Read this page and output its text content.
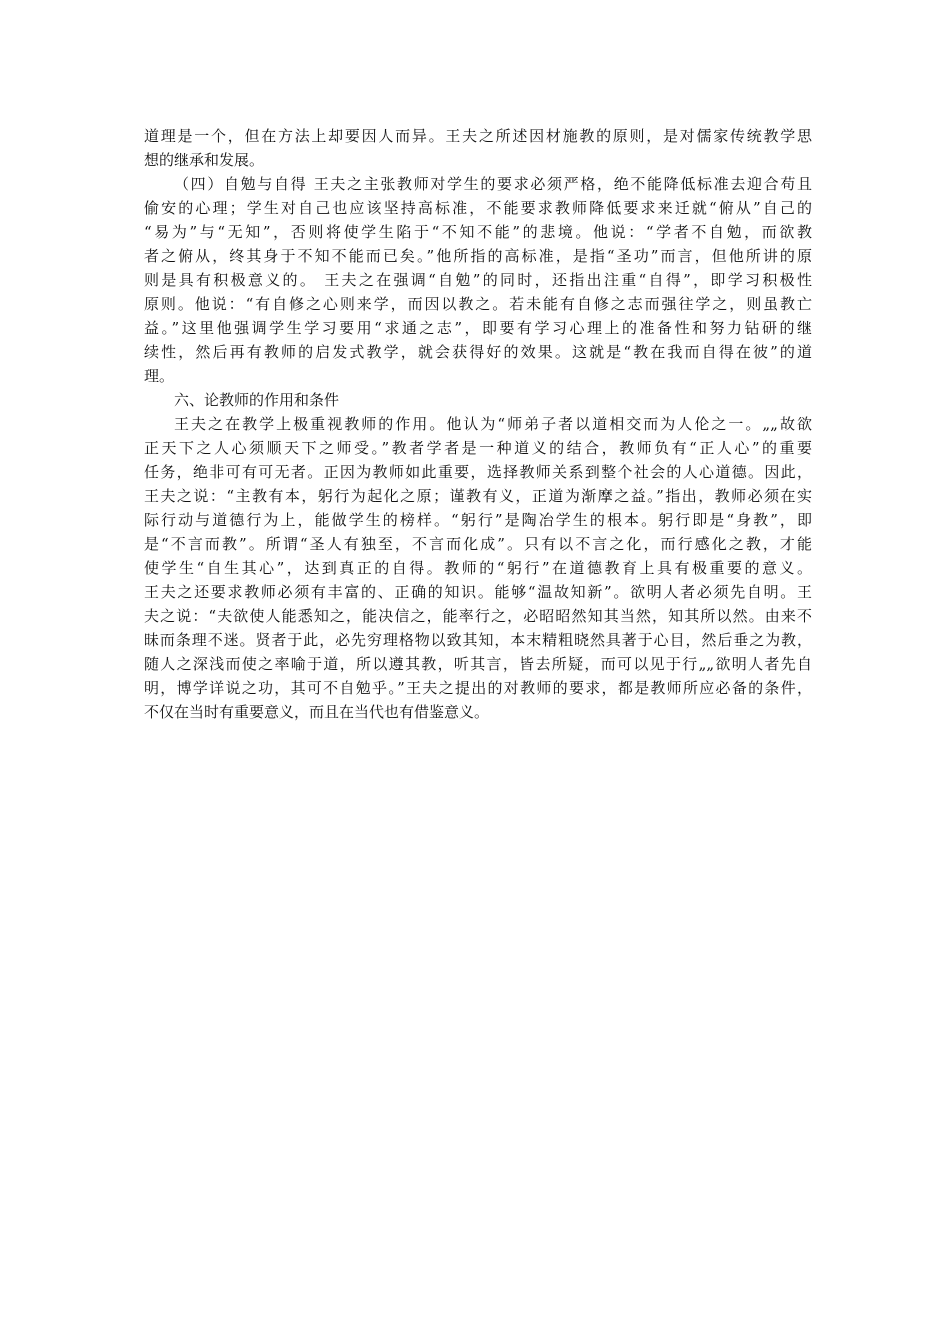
道理是一个，但在方法上却要因人而异。王夫之所述因材施教的原则，是对儒家传统教学思
想的继承和发展。
（四）自勉与自得 王夫之主张教师对学生的要求必须严格，绝不能降低标准去迎合苟且
偷安的心理；学生对自己也应该坚持高标准，不能要求教师降低要求来迁就“俯从”自己的
“易为”与“无知”，否则将使学生陷于“不知不能”的悲境。他说：“学者不自勉，而欲教
者之俯从，终其身于不知不能而已矣。”他所指的高标准，是指“圣功”而言，但他所讲的原
则是具有积极意义的。 王夫之在强调“自勉”的同时，还指出注重“自得”，即学习积极性
原则。他说：“有自修之心则来学，而因以教之。若未能有自修之志而强往学之，则虽教亡
益。”这里他强调学生学习要用“求通之志”，即要有学习心理上的准备性和努力钻研的继
续性，然后再有教师的启发式教学，就会获得好的效果。这就是“教在我而自得在彼”的道
理。
六、论教师的作用和条件
王夫之在教学上极重视教师的作用。他认为“师弟子者以道相交而为人伦之一。„„故欲
正天下之人心须顺天下之师受。”教者学者是一种道义的结合，教师负有“正人心”的重要
任务，绝非可有可无者。正因为教师如此重要，选择教师关系到整个社会的人心道德。因此，
王夫之说：“主教有本，躬行为起化之原；谨教有义，正道为渐摩之益。”指出，教师必须在实
际行动与道德行为上，能做学生的榜样。“躬行”是陶冶学生的根本。躬行即是“身教”，即
是“不言而教”。所谓“圣人有独至，不言而化成”。只有以不言之化，而行感化之教，才能
使学生“自生其心”，达到真正的自得。教师的“躬行”在道德教育上具有极重要的意义。
王夫之还要求教师必须有丰富的、正确的知识。能够“温故知新”。欲明人者必须先自明。王
夫之说：“夫欲使人能悉知之，能决信之，能率行之，必昭昭然知其当然，知其所以然。由来不
昧而条理不迷。贤者于此，必先穷理格物以致其知，本末精粗晓然具著于心目，然后垂之为教，
随人之深浅而使之率喻于道，所以遵其教，听其言，皆去所疑，而可以见于行„„欲明人者先自
明，博学详说之功，其可不自勉乎。”王夫之提出的对教师的要求，都是教师所应必备的条件，
不仅在当时有重要意义，而且在当代也有借鉴意义。
